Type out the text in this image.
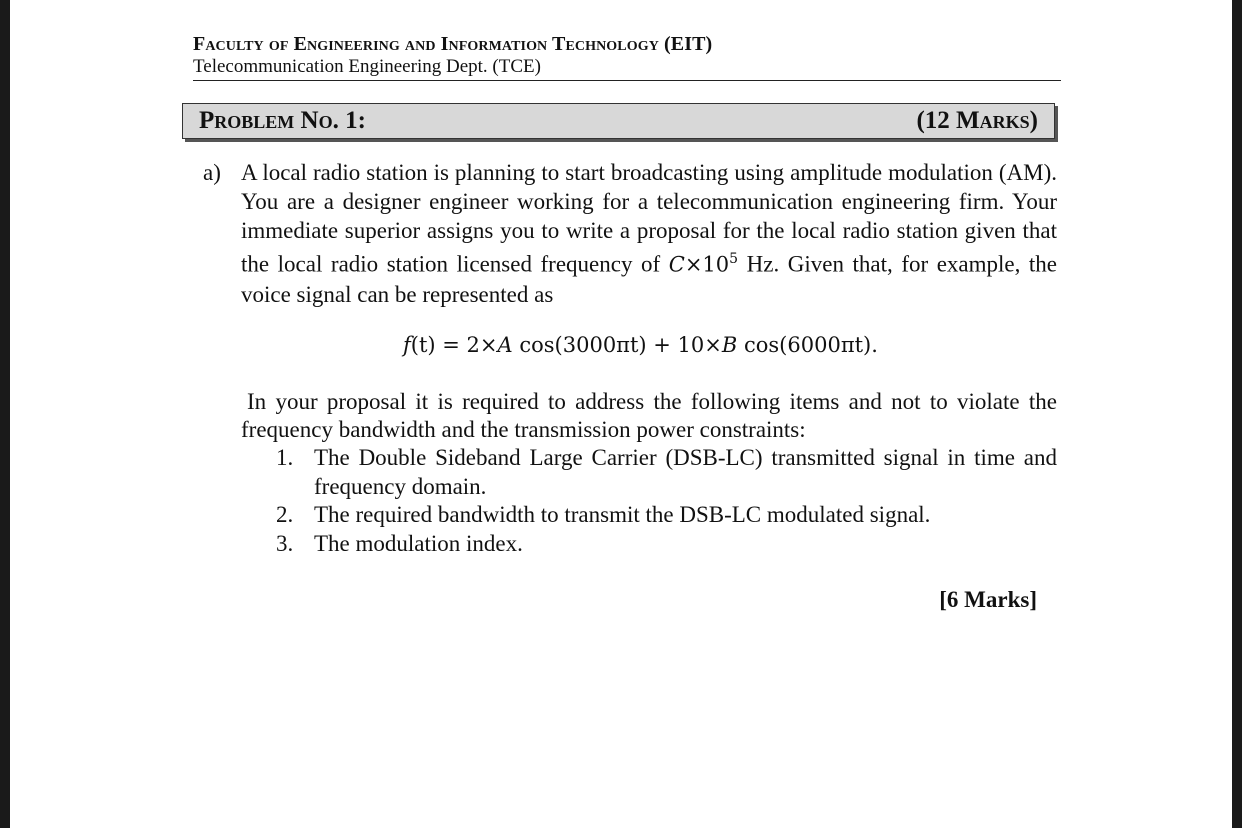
Faculty of Engineering and Information Technology (EIT)
Telecommunication Engineering Dept. (TCE)
Problem No. 1:	(12 Marks)
a) A local radio station is planning to start broadcasting using amplitude modulation (AM). You are a designer engineer working for a telecommunication engineering firm. Your immediate superior assigns you to write a proposal for the local radio station given that the local radio station licensed frequency of $C\times 10^5$ Hz. Given that, for example, the voice signal can be represented as
f(t) = 2×A cos(3000πt) + 10×B cos(6000πt).
In your proposal it is required to address the following items and not to violate the frequency bandwidth and the transmission power constraints:
1. The Double Sideband Large Carrier (DSB-LC) transmitted signal in time and frequency domain.
2. The required bandwidth to transmit the DSB-LC modulated signal.
3. The modulation index.
[6 Marks]
